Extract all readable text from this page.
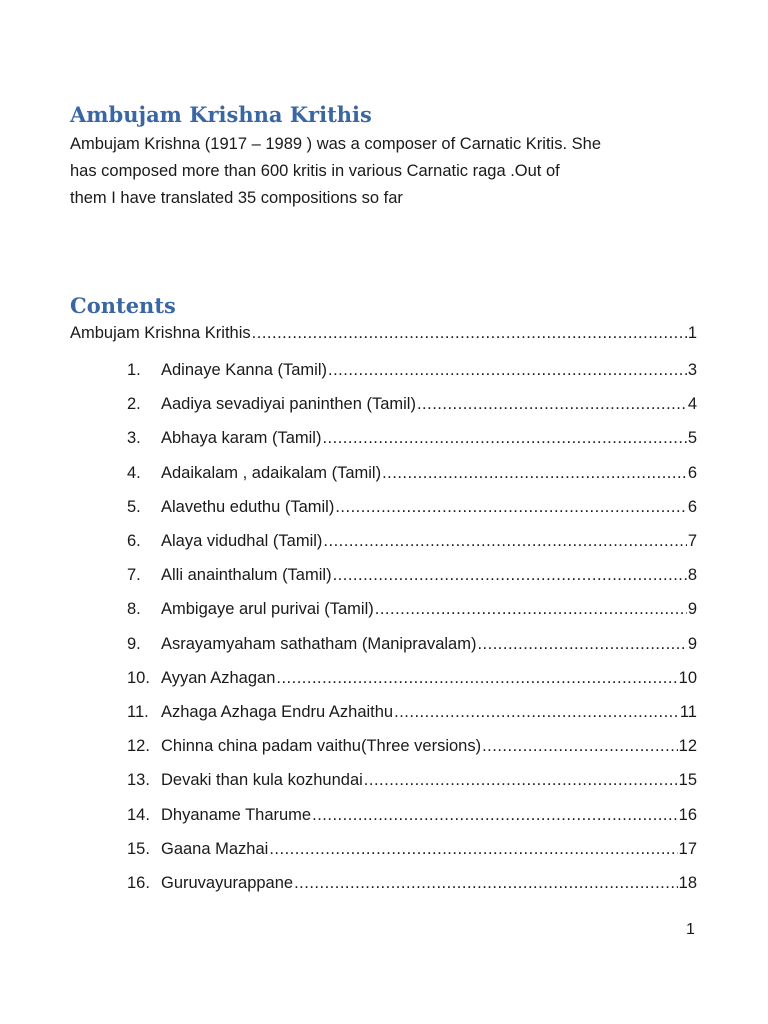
Ambujam Krishna Krithis

Ambujam Krishna (1917 – 1989 ) was a composer of Carnatic Kritis. She
has composed more than 600 kritis in various Carnatic raga .Out of
them I have translated 35 compositions so far

Contents
Ambujam Krishna Krithis .....	1
1.	Adinaye Kanna (Tamil) .....	3
2.	Aadiya sevadiyai paninthen (Tamil) .....	4
3.	Abhaya karam (Tamil) .....	5
4.	Adaikalam , adaikalam (Tamil) .....	6
5.	Alavethu eduthu (Tamil) .....	6
6.	Alaya vidudhal (Tamil) .....	7
7.	Alli anainthalum (Tamil) .....	8
8.	Ambigaye arul purivai (Tamil) .....	9
9.	Asrayamyaham sathatham (Manipravalam) .....	9
10. Ayyan Azhagan .....	10
11. Azhaga Azhaga Endru Azhaithu .....	11
12. Chinna china padam vaithu(Three versions) .....	12
13. Devaki than kula kozhundai .....	15
14. Dhyaname Tharume .....	16
15. Gaana Mazhai .....	17
16. Guruvayurappane .....	18
1
